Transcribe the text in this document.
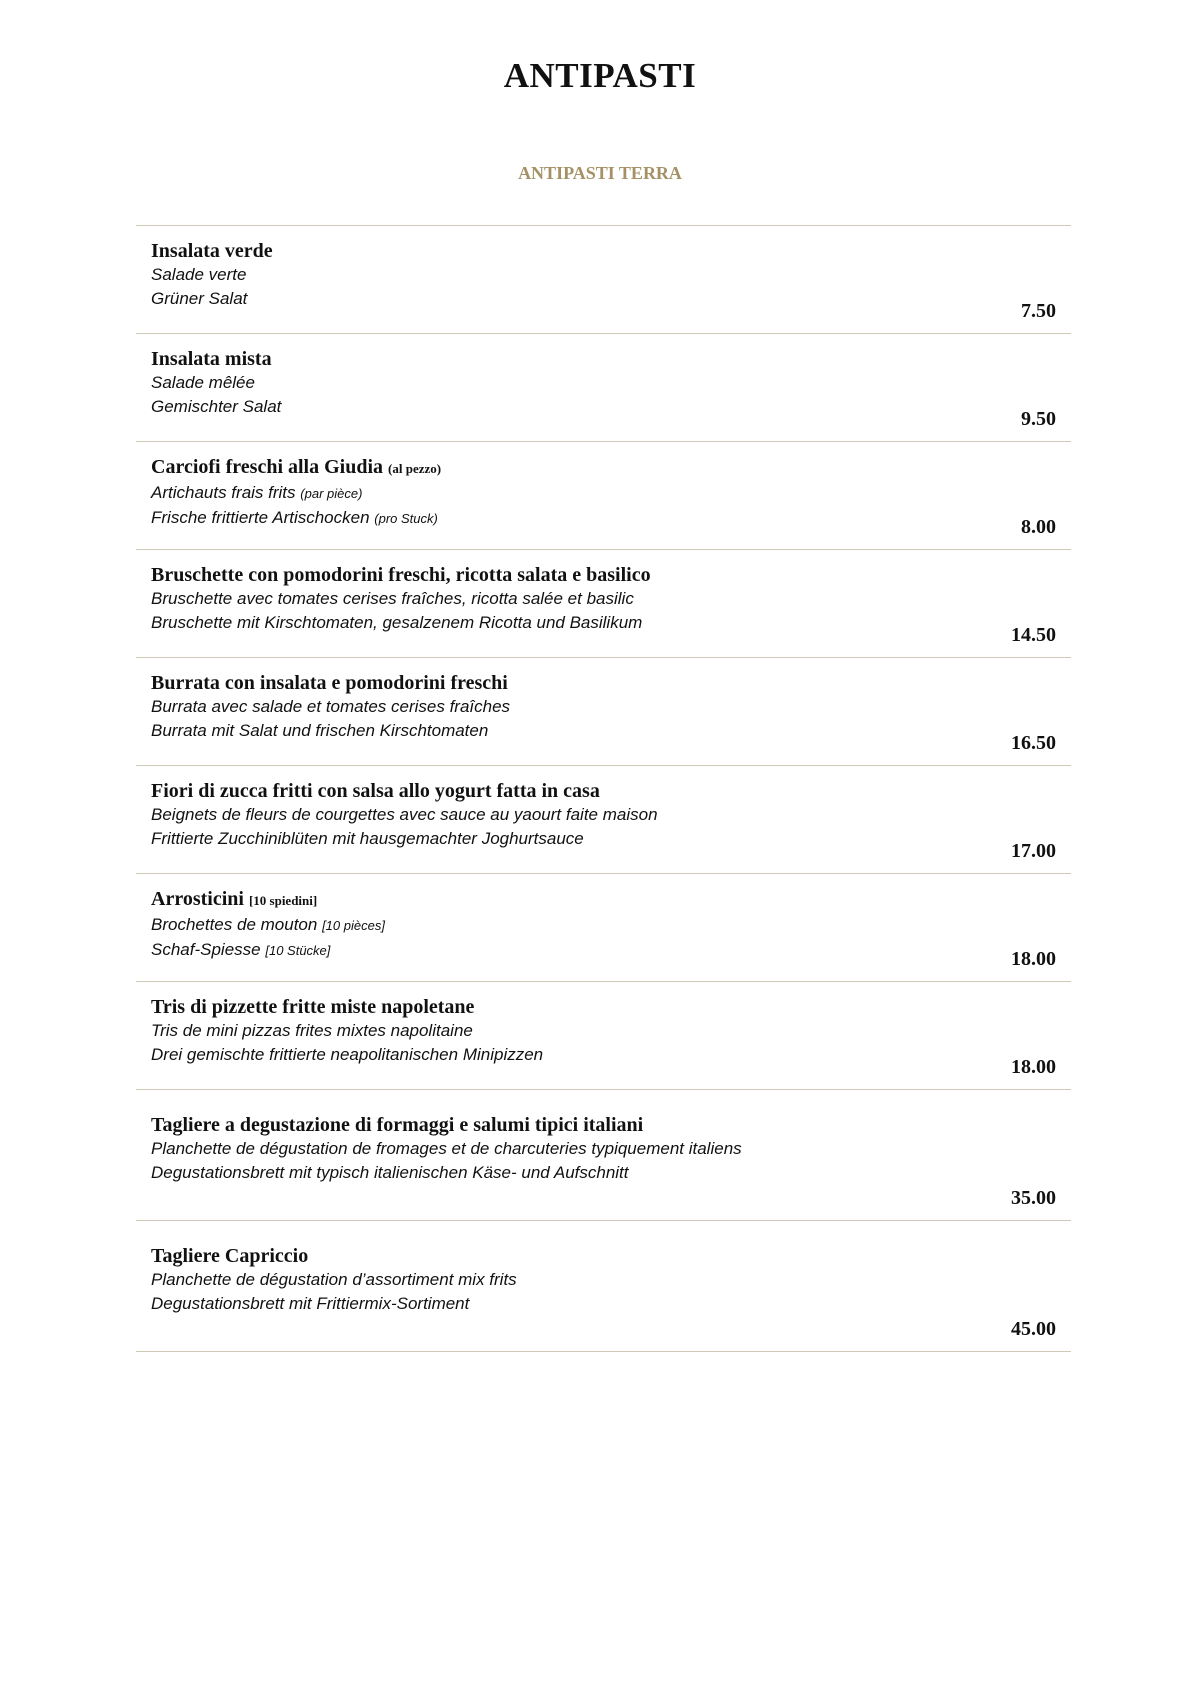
ANTIPASTI
ANTIPASTI TERRA
Insalata verde
Salade verte
Grüner Salat
7.50
Insalata mista
Salade mêlée
Gemischter Salat
9.50
Carciofi freschi alla Giudia (al pezzo)
Artichauts frais frits (par pièce)
Frische frittierte Artischocken (pro Stuck)	8.00
Bruschette con pomodorini freschi, ricotta salata e basilico
Bruschette avec tomates cerises fraîches, ricotta salée et basilic
Bruschette mit Kirschtomaten, gesalzenem Ricotta und Basilikum
14.50
Burrata con insalata e pomodorini freschi
Burrata avec salade et tomates cerises fraîches
Burrata mit Salat und frischen Kirschtomaten
16.50
Fiori di zucca fritti con salsa allo yogurt fatta in casa
Beignets de fleurs de courgettes avec sauce au yaourt faite maison
Frittierte Zucchiniblüten mit hausgemachter Joghurtsauce
17.00
Arrosticini [10 spiedini]
Brochettes de mouton [10 pièces]
Schaf-Spiesse [10 Stücke]	18.00
Tris di pizzette fritte miste napoletane
Tris de mini pizzas frites mixtes napolitaine
Drei gemischte frittierte neapolitanischen Minipizzen
18.00
Tagliere a degustazione di formaggi e salumi tipici italiani
Planchette de dégustation de fromages et de charcuteries typiquement italiens
Degustationsbrett mit typisch italienischen Käse- und Aufschnitt
35.00
Tagliere Capriccio
Planchette de dégustation d’assortiment mix frits
Degustationsbrett mit Frittiermix-Sortiment
45.00
